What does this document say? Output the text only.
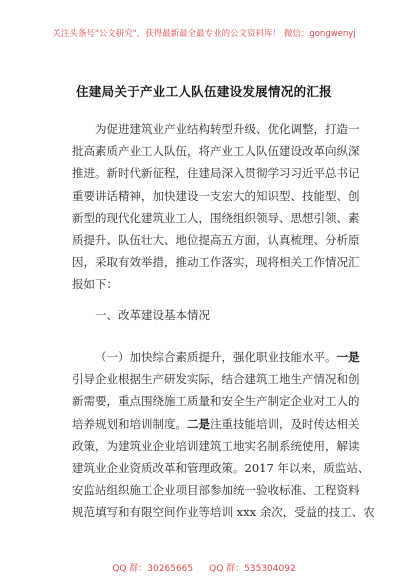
关注头条号"公文研究"，获得最新最全最专业的公文资料库！ 微信：gongwenyj
住建局关于产业工人队伍建设发展情况的汇报
为促进建筑业产业结构转型升级、优化调整，打造一
批高素质产业工人队伍，将产业工人队伍建设改革向纵深
推进。新时代新征程，住建局深入贯彻学习习近平总书记
重要讲话精神，加快建设一支宏大的知识型、技能型、创
新型的现代化建筑业工人，围绕组织领导、思想引领、素
质提升、队伍壮大、地位提高五方面，认真梳理、分析原
因，采取有效举措，推动工作落实，现将相关工作情况汇
报如下：
一、改革建设基本情况
（一）加快综合素质提升，强化职业技能水平。一是
引导企业根据生产研发实际，结合建筑工地生产情况和创
新需要，重点围绕施工质量和安全生产制定企业对工人的
培养规划和培训制度。二是注重技能培训，及时传达相关
政策，为建筑业企业培训建筑工地实名制系统使用，解读
建筑业企业资质改革和管理政策。2017 年以来，质监站、
安监站组织施工企业项目部参加统一验收标准、工程资料
规范填写和有限空间作业等培训 xxx 余次，受益的技工、农
QQ 群：30265665 QQ 群：535304092
